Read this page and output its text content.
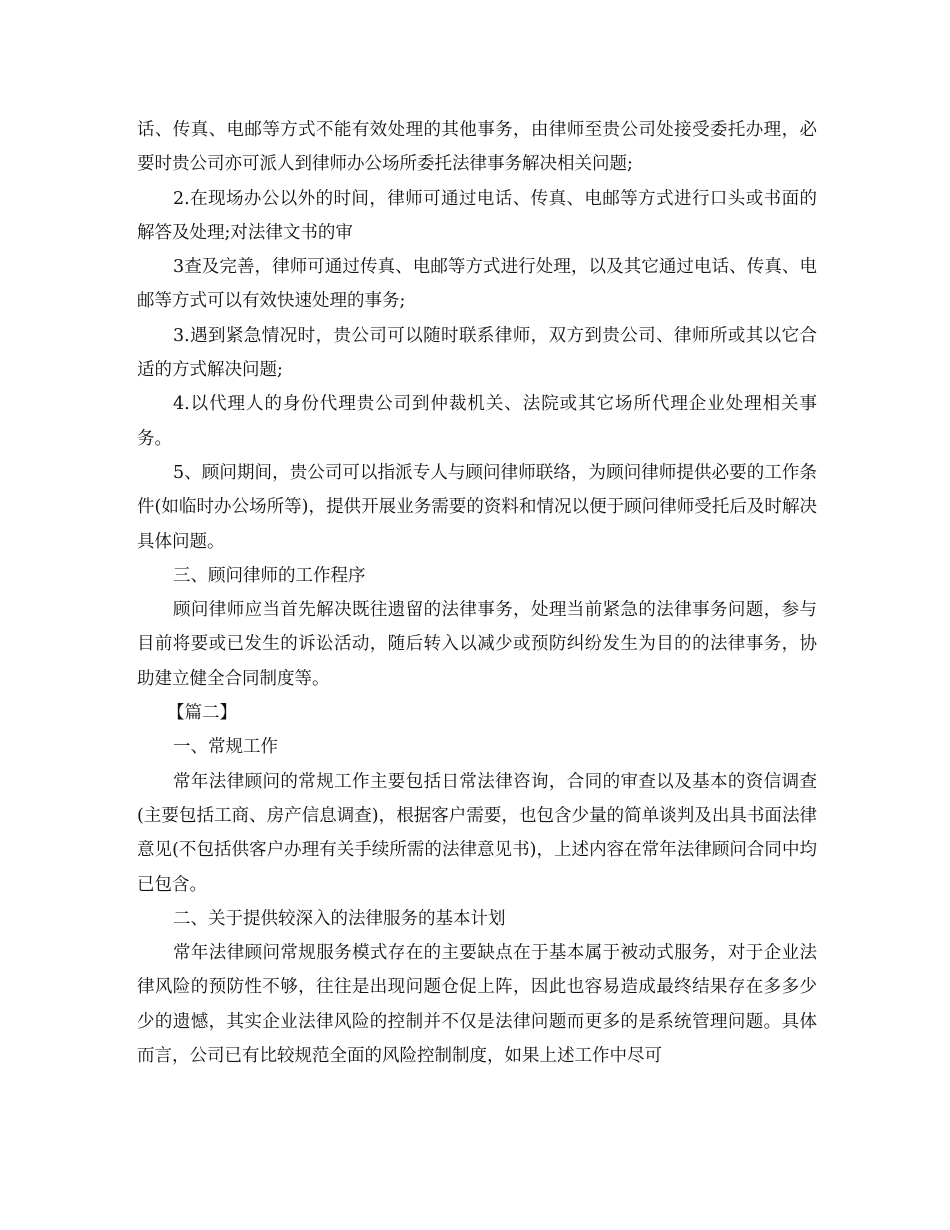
话、传真、电邮等方式不能有效处理的其他事务，由律师至贵公司处接受委托办理，必要时贵公司亦可派人到律师办公场所委托法律事务解决相关问题;

2.在现场办公以外的时间，律师可通过电话、传真、电邮等方式进行口头或书面的解答及处理;对法律文书的审

3查及完善，律师可通过传真、电邮等方式进行处理，以及其它通过电话、传真、电邮等方式可以有效快速处理的事务;

3.遇到紧急情况时，贵公司可以随时联系律师，双方到贵公司、律师所或其以它合适的方式解决问题;

4.以代理人的身份代理贵公司到仲裁机关、法院或其它场所代理企业处理相关事务。

5、顾问期间，贵公司可以指派专人与顾问律师联络，为顾问律师提供必要的工作条件(如临时办公场所等)，提供开展业务需要的资料和情况以便于顾问律师受托后及时解决具体问题。

三、顾问律师的工作程序

顾问律师应当首先解决既往遗留的法律事务，处理当前紧急的法律事务问题，参与目前将要或已发生的诉讼活动，随后转入以减少或预防纠纷发生为目的的法律事务，协助建立健全合同制度等。

【篇二】

一、常规工作

常年法律顾问的常规工作主要包括日常法律咨询，合同的审查以及基本的资信调查(主要包括工商、房产信息调查)，根据客户需要，也包含少量的简单谈判及出具书面法律意见(不包括供客户办理有关手续所需的法律意见书)，上述内容在常年法律顾问合同中均已包含。

二、关于提供较深入的法律服务的基本计划

常年法律顾问常规服务模式存在的主要缺点在于基本属于被动式服务，对于企业法律风险的预防性不够，往往是出现问题仓促上阵，因此也容易造成最终结果存在多多少少的遗憾，其实企业法律风险的控制并不仅是法律问题而更多的是系统管理问题。具体而言，公司已有比较规范全面的风险控制制度，如果上述工作中尽可
